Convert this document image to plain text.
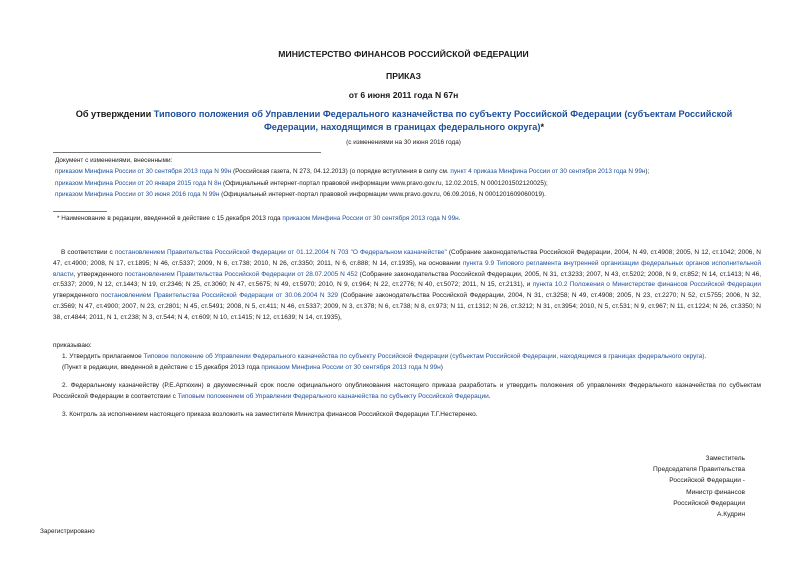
МИНИСТЕРСТВО ФИНАНСОВ РОССИЙСКОЙ ФЕДЕРАЦИИ
ПРИКАЗ
от 6 июня 2011 года N 67н
Об утверждении Типового положения об Управлении Федерального казначейства по субъекту Российской Федерации (субъектам Российской Федерации, находящимся в границах федерального округа)*
(с изменениями на 30 июня 2016 года)
Документ с изменениями, внесенными:
приказом Минфина России от 30 сентября 2013 года N 99н (Российская газета, N 273, 04.12.2013) (о порядке вступления в силу см. пункт 4 приказа Минфина России от 30 сентября 2013 года N 99н);
приказом Минфина России от 20 января 2015 года N 8н (Официальный интернет-портал правовой информации www.pravo.gov.ru, 12.02.2015, N 0001201502120025);
приказом Минфина России от 30 июня 2016 года N 99н (Официальный интернет-портал правовой информации www.pravo.gov.ru, 06.09.2016, N 0001201609060019).
* Наименование в редакции, введенной в действие с 15 декабря 2013 года приказом Минфина России от 30 сентября 2013 года N 99н.
В соответствии с постановлением Правительства Российской Федерации от 01.12.2004 N 703 "О Федеральном казначействе" (Собрание законодательства Российской Федерации, 2004, N 49, ст.4908; 2005, N 12, ст.1042; 2006, N 47, ст.4900; 2008, N 17, ст.1895; N 46, ст.5337; 2009, N 6, ст.738; 2010, N 26, ст.3350; 2011, N 6, ст.888; N 14, ст.1935), на основании пункта 9.9 Типового регламента внутренней организации федеральных органов исполнительной власти, утвержденного постановлением Правительства Российской Федерации от 28.07.2005 N 452 (Собрание законодательства Российской Федерации, 2005, N 31, ст.3233; 2007, N 43, ст.5202; 2008, N 9, ст.852; N 14, ст.1413; N 46, ст.5337; 2009, N 12, ст.1443; N 19, ст.2346; N 25, ст.3060; N 47, ст.5675; N 49, ст.5970; 2010, N 9, ст.964; N 22, ст.2776; N 40, ст.5072; 2011, N 15, ст.2131), и пункта 10.2 Положения о Министерстве финансов Российской Федерации утвержденного постановлением Правительства Российской Федерации от 30.06.2004 N 329 (Собрание законодательства Российской Федерации, 2004, N 31, ст.3258; N 49, ст.4908; 2005, N 23, ст.2270; N 52, ст.5755; 2006, N 32, ст.3569; N 47, ст.4900; 2007, N 23, ст.2801; N 45, ст.5491; 2008, N 5, ст.411; N 46, ст.5337; 2009, N 3, ст.378; N 6, ст.738; N 8, ст.973; N 11, ст.1312; N 26, ст.3212; N 31, ст.3954; 2010, N 5, ст.531; N 9, ст.967; N 11, ст.1224; N 26, ст.3350; N 38, ст.4844; 2011, N 1, ст.238; N 3, ст.544; N 4, ст.609; N 10, ст.1415; N 12, ст.1639; N 14, ст.1935),
приказываю:
1. Утвердить прилагаемое Типовое положение об Управлении Федерального казначейства по субъекту Российской Федерации (субъектам Российской Федерации, находящимся в границах федерального округа).
(Пункт в редакции, введенной в действие с 15 декабря 2013 года приказом Минфина России от 30 сентября 2013 года N 99н)
2. Федеральному казначейству (Р.Е.Артюхин) в двухмесячный срок после официального опубликования настоящего приказа разработать и утвердить положения об управлениях Федерального казначейства по субъектам Российской Федерации в соответствии с Типовым положением об Управлении Федерального казначейства по субъекту Российской Федерации.
3. Контроль за исполнением настоящего приказа возложить на заместителя Министра финансов Российской Федерации Т.Г.Нестеренко.
Заместитель
Председателя Правительства
Российской Федерации -
Министр финансов
Российской Федерации
А.Кудрин
Зарегистрировано
